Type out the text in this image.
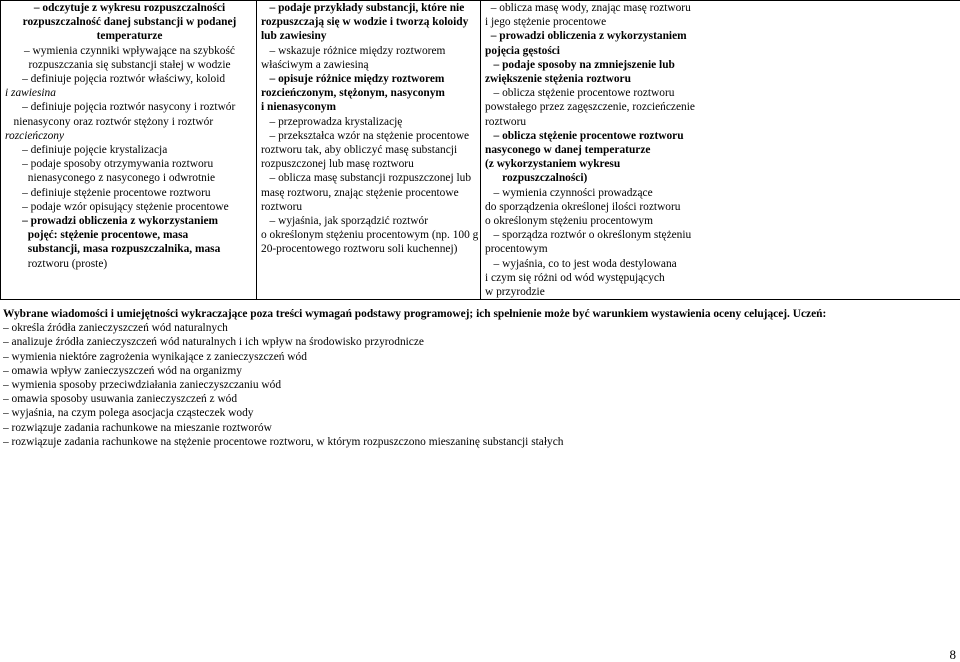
– odczytuje z wykresu rozpuszczalności
rozpuszczalność danej substancji w podanej
temperaturze
– wymienia czynniki wpływające na szybkość
rozpuszczania się substancji stałej w wodzie
– definiuje pojęcia roztwór właściwy, koloid
i zawiesina
– definiuje pojęcia roztwór nasycony i roztwór
nienasycony oraz roztwór stężony i roztwór
rozcieńczony
– definiuje pojęcie krystalizacja
– podaje sposoby otrzymywania roztworu
nienasyconego z nasyconego i odwrotnie
– definiuje stężenie procentowe roztworu
– podaje wzór opisujący stężenie procentowe
– prowadzi obliczenia z wykorzystaniem
pojęć: stężenie procentowe, masa
substancji, masa rozpuszczalnika, masa
roztworu (proste)

– podaje przykłady substancji, które nie
rozpuszczają się w wodzie i tworzą koloidy
lub zawiesiny
– wskazuje różnice między roztworem
właściwym a zawiesiną
– opisuje różnice między roztworem
rozcieńczonym, stężonym, nasyconym
i nienasyconym
– przeprowadza krystalizację
– przekształca wzór na stężenie procentowe
roztworu tak, aby obliczyć masę substancji
rozpuszczonej lub masę roztworu
– oblicza masę substancji rozpuszczonej lub
masę roztworu, znając stężenie procentowe
roztworu
– wyjaśnia, jak sporządzić roztwór
o określonym stężeniu procentowym (np. 100 g
20-procentowego roztworu soli kuchennej)

– oblicza masę wody, znając masę roztworu
i jego stężenie procentowe
– prowadzi obliczenia z wykorzystaniem
pojęcia gęstości
– podaje sposoby na zmniejszenie lub
zwiększenie stężenia roztworu
– oblicza stężenie procentowe roztworu
powstałego przez zagęszczenie, rozcieńczenie
roztworu
– oblicza stężenie procentowe roztworu
nasyconego w danej temperaturze
(z wykorzystaniem wykresu
rozpuszczalności)
– wymienia czynności prowadzące
do sporządzenia określonej ilości roztworu
o określonym stężeniu procentowym
– sporządza roztwór o określonym stężeniu
procentowym
– wyjaśnia, co to jest woda destylowana
i czym się różni od wód występujących
w przyrodzie
Wybrane wiadomości i umiejętności wykraczające poza treści wymagań podstawy programowej; ich spełnienie może być warunkiem wystawienia oceny celującej. Uczeń:
– określa źródła zanieczyszczeń wód naturalnych
– analizuje źródła zanieczyszczeń wód naturalnych i ich wpływ na środowisko przyrodnicze
– wymienia niektóre zagrożenia wynikające z zanieczyszczeń wód
– omawia wpływ zanieczyszczeń wód na organizmy
– wymienia sposoby przeciwdziałania zanieczyszczaniu wód
– omawia sposoby usuwania zanieczyszczeń z wód
– wyjaśnia, na czym polega asocjacja cząsteczek wody
– rozwiązuje zadania rachunkowe na mieszanie roztworów
– rozwiązuje zadania rachunkowe na stężenie procentowe roztworu, w którym rozpuszczono mieszaninę substancji stałych
8
